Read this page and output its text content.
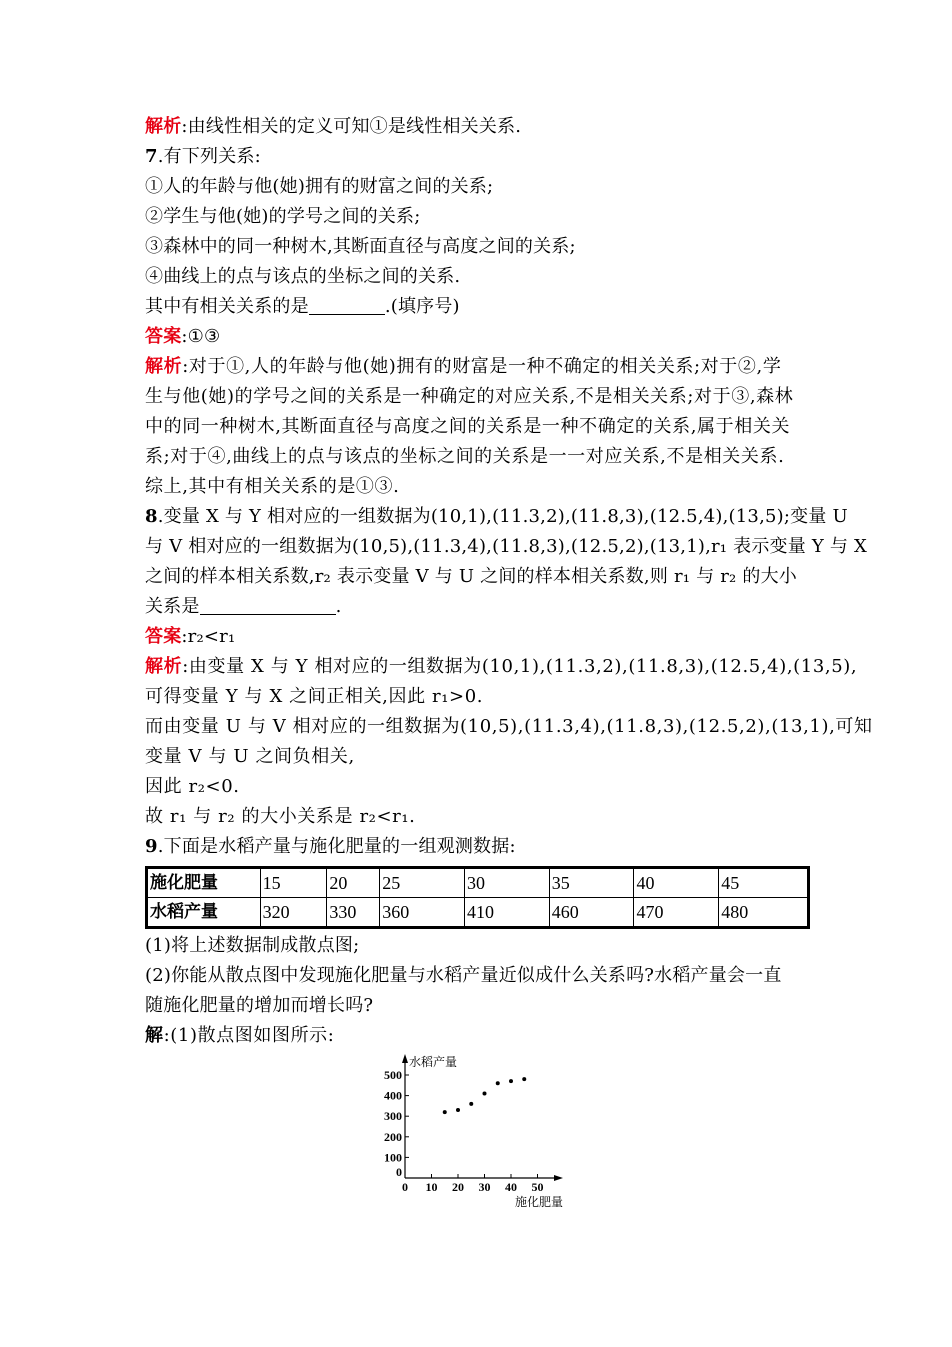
解析:由线性相关的定义可知①是线性相关关系.
7.有下列关系:
①人的年龄与他(她)拥有的财富之间的关系;
②学生与他(她)的学号之间的关系;
③森林中的同一种树木,其断面直径与高度之间的关系;
④曲线上的点与该点的坐标之间的关系.
其中有相关关系的是	.(填序号)
答案:①③
解析:对于①,人的年龄与他(她)拥有的财富是一种不确定的相关关系;对于②,学
生与他(她)的学号之间的关系是一种确定的对应关系,不是相关关系;对于③,森林
中的同一种树木,其断面直径与高度之间的关系是一种不确定的关系,属于相关关
系;对于④,曲线上的点与该点的坐标之间的关系是一一对应关系,不是相关关系.
综上,其中有相关关系的是①③.
8.变量 X 与 Y 相对应的一组数据为(10,1),(11.3,2),(11.8,3),(12.5,4),(13,5);变量 U
与 V 相对应的一组数据为(10,5),(11.3,4),(11.8,3),(12.5,2),(13,1),r₁ 表示变量 Y 与 X
之间的样本相关系数,r₂ 表示变量 V 与 U 之间的样本相关系数,则 r₁ 与 r₂ 的大小
关系是	.
答案:r₂<r₁
解析:由变量 X 与 Y 相对应的一组数据为(10,1),(11.3,2),(11.8,3),(12.5,4),(13,5),
可得变量 Y 与 X 之间正相关,因此 r₁>0.
而由变量 U 与 V 相对应的一组数据为(10,5),(11.3,4),(11.8,3),(12.5,2),(13,1),可知
变量 V 与 U 之间负相关,
因此 r₂<0.
故 r₁ 与 r₂ 的大小关系是 r₂<r₁.
9.下面是水稻产量与施化肥量的一组观测数据:
施化肥量	15	20	25	30	35	40	45
水稻产量	320	330	360	410	460	470	480
(1)将上述数据制成散点图;
(2)你能从散点图中发现施化肥量与水稻产量近似成什么关系吗?水稻产量会一直
随施化肥量的增加而增长吗?
解:(1)散点图如图所示:
0 10 20 30 40 50
0
100
200
300
400
500
水稻产量
施化肥量
